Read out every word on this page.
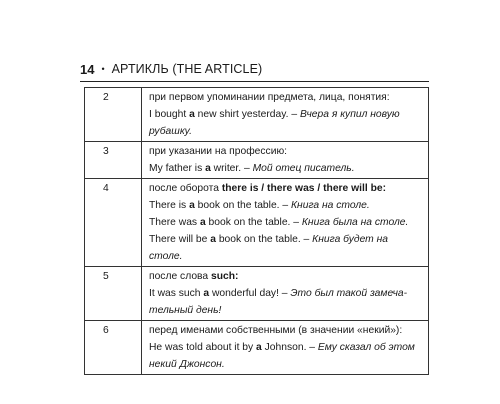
14 • АРТИКЛЬ (THE ARTICLE)
2	при первом упоминании предмета, лица, понятия:
I bought a new shirt yesterday. – Вчера я купил новую
рубашку.

3	при указании на профессию:
My father is a writer. – Мой отец писатель.

4	после оборота there is / there was / there will be:
There is a book on the table. – Книга на столе.
There was a book on the table. – Книга была на столе.
There will be a book on the table. – Книга будет на
столе.

5	после слова such:
It was such a wonderful day! – Это был такой замеча-
тельный день!

6	перед именами собственными (в значении «некий»):
He was told about it by a Johnson. – Ему сказал об этом
некий Джонсон.
